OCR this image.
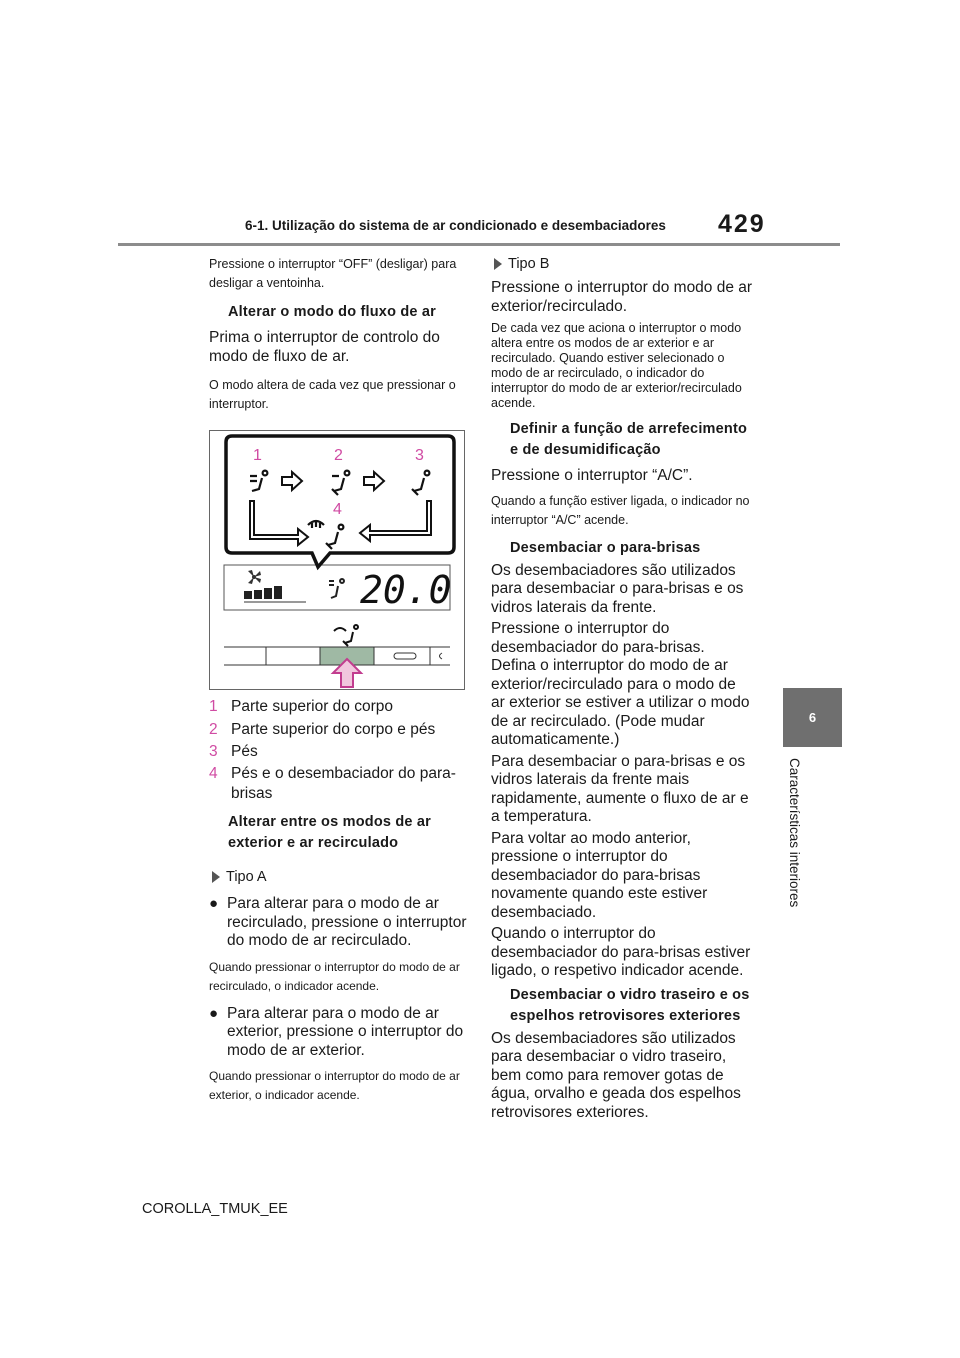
6-1. Utilização do sistema de ar condicionado e desembaciadores 429
6
Características interiores

Pressione o interruptor “OFF” (desligar) para desligar a ventoinha.

Alterar o modo do fluxo de ar

Prima o interruptor de controlo do modo de fluxo de ar.

O modo altera de cada vez que pressionar o interruptor.

20.0
1	2	3
4
1 Parte superior do corpo
2 Parte superior do corpo e pés
3 Pés
4 Pés e o desembaciador do para-brisas

Alterar entre os modos de ar exterior e ar recirculado

Tipo A
● Para alterar para o modo de ar recirculado, pressione o interruptor do modo de ar recirculado.

Quando pressionar o interruptor do modo de ar recirculado, o indicador acende.

● Para alterar para o modo de ar exterior, pressione o interruptor do modo de ar exterior.

Quando pressionar o interruptor do modo de ar exterior, o indicador acende.

Tipo B

Pressione o interruptor do modo de ar exterior/recirculado.

De cada vez que aciona o interruptor o modo altera entre os modos de ar exterior e ar recirculado. Quando estiver selecionado o modo de ar recirculado, o indicador do interruptor do modo de ar exterior/recirculado acende.

Definir a função de arrefecimento e de desumidificação

Pressione o interruptor “A/C”.

Quando a função estiver ligada, o indicador no interruptor “A/C” acende.

Desembaciar o para-brisas

Os desembaciadores são utilizados para desembaciar o para-brisas e os vidros laterais da frente.

Pressione o interruptor do desembaciador do para-brisas. Defina o interruptor do modo de ar exterior/recirculado para o modo de ar exterior se estiver a utilizar o modo de ar recirculado. (Pode mudar automaticamente.)

Para desembaciar o para-brisas e os vidros laterais da frente mais rapidamente, aumente o fluxo de ar e a temperatura.

Para voltar ao modo anterior, pressione o interruptor do desembaciador do para-brisas novamente quando este estiver desembaciado.

Quando o interruptor do desembaciador do para-brisas estiver ligado, o respetivo indicador acende.

Desembaciar o vidro traseiro e os espelhos retrovisores exteriores

Os desembaciadores são utilizados para desembaciar o vidro traseiro, bem como para remover gotas de água, orvalho e geada dos espelhos retrovisores exteriores.

COROLLA_TMUK_EE
